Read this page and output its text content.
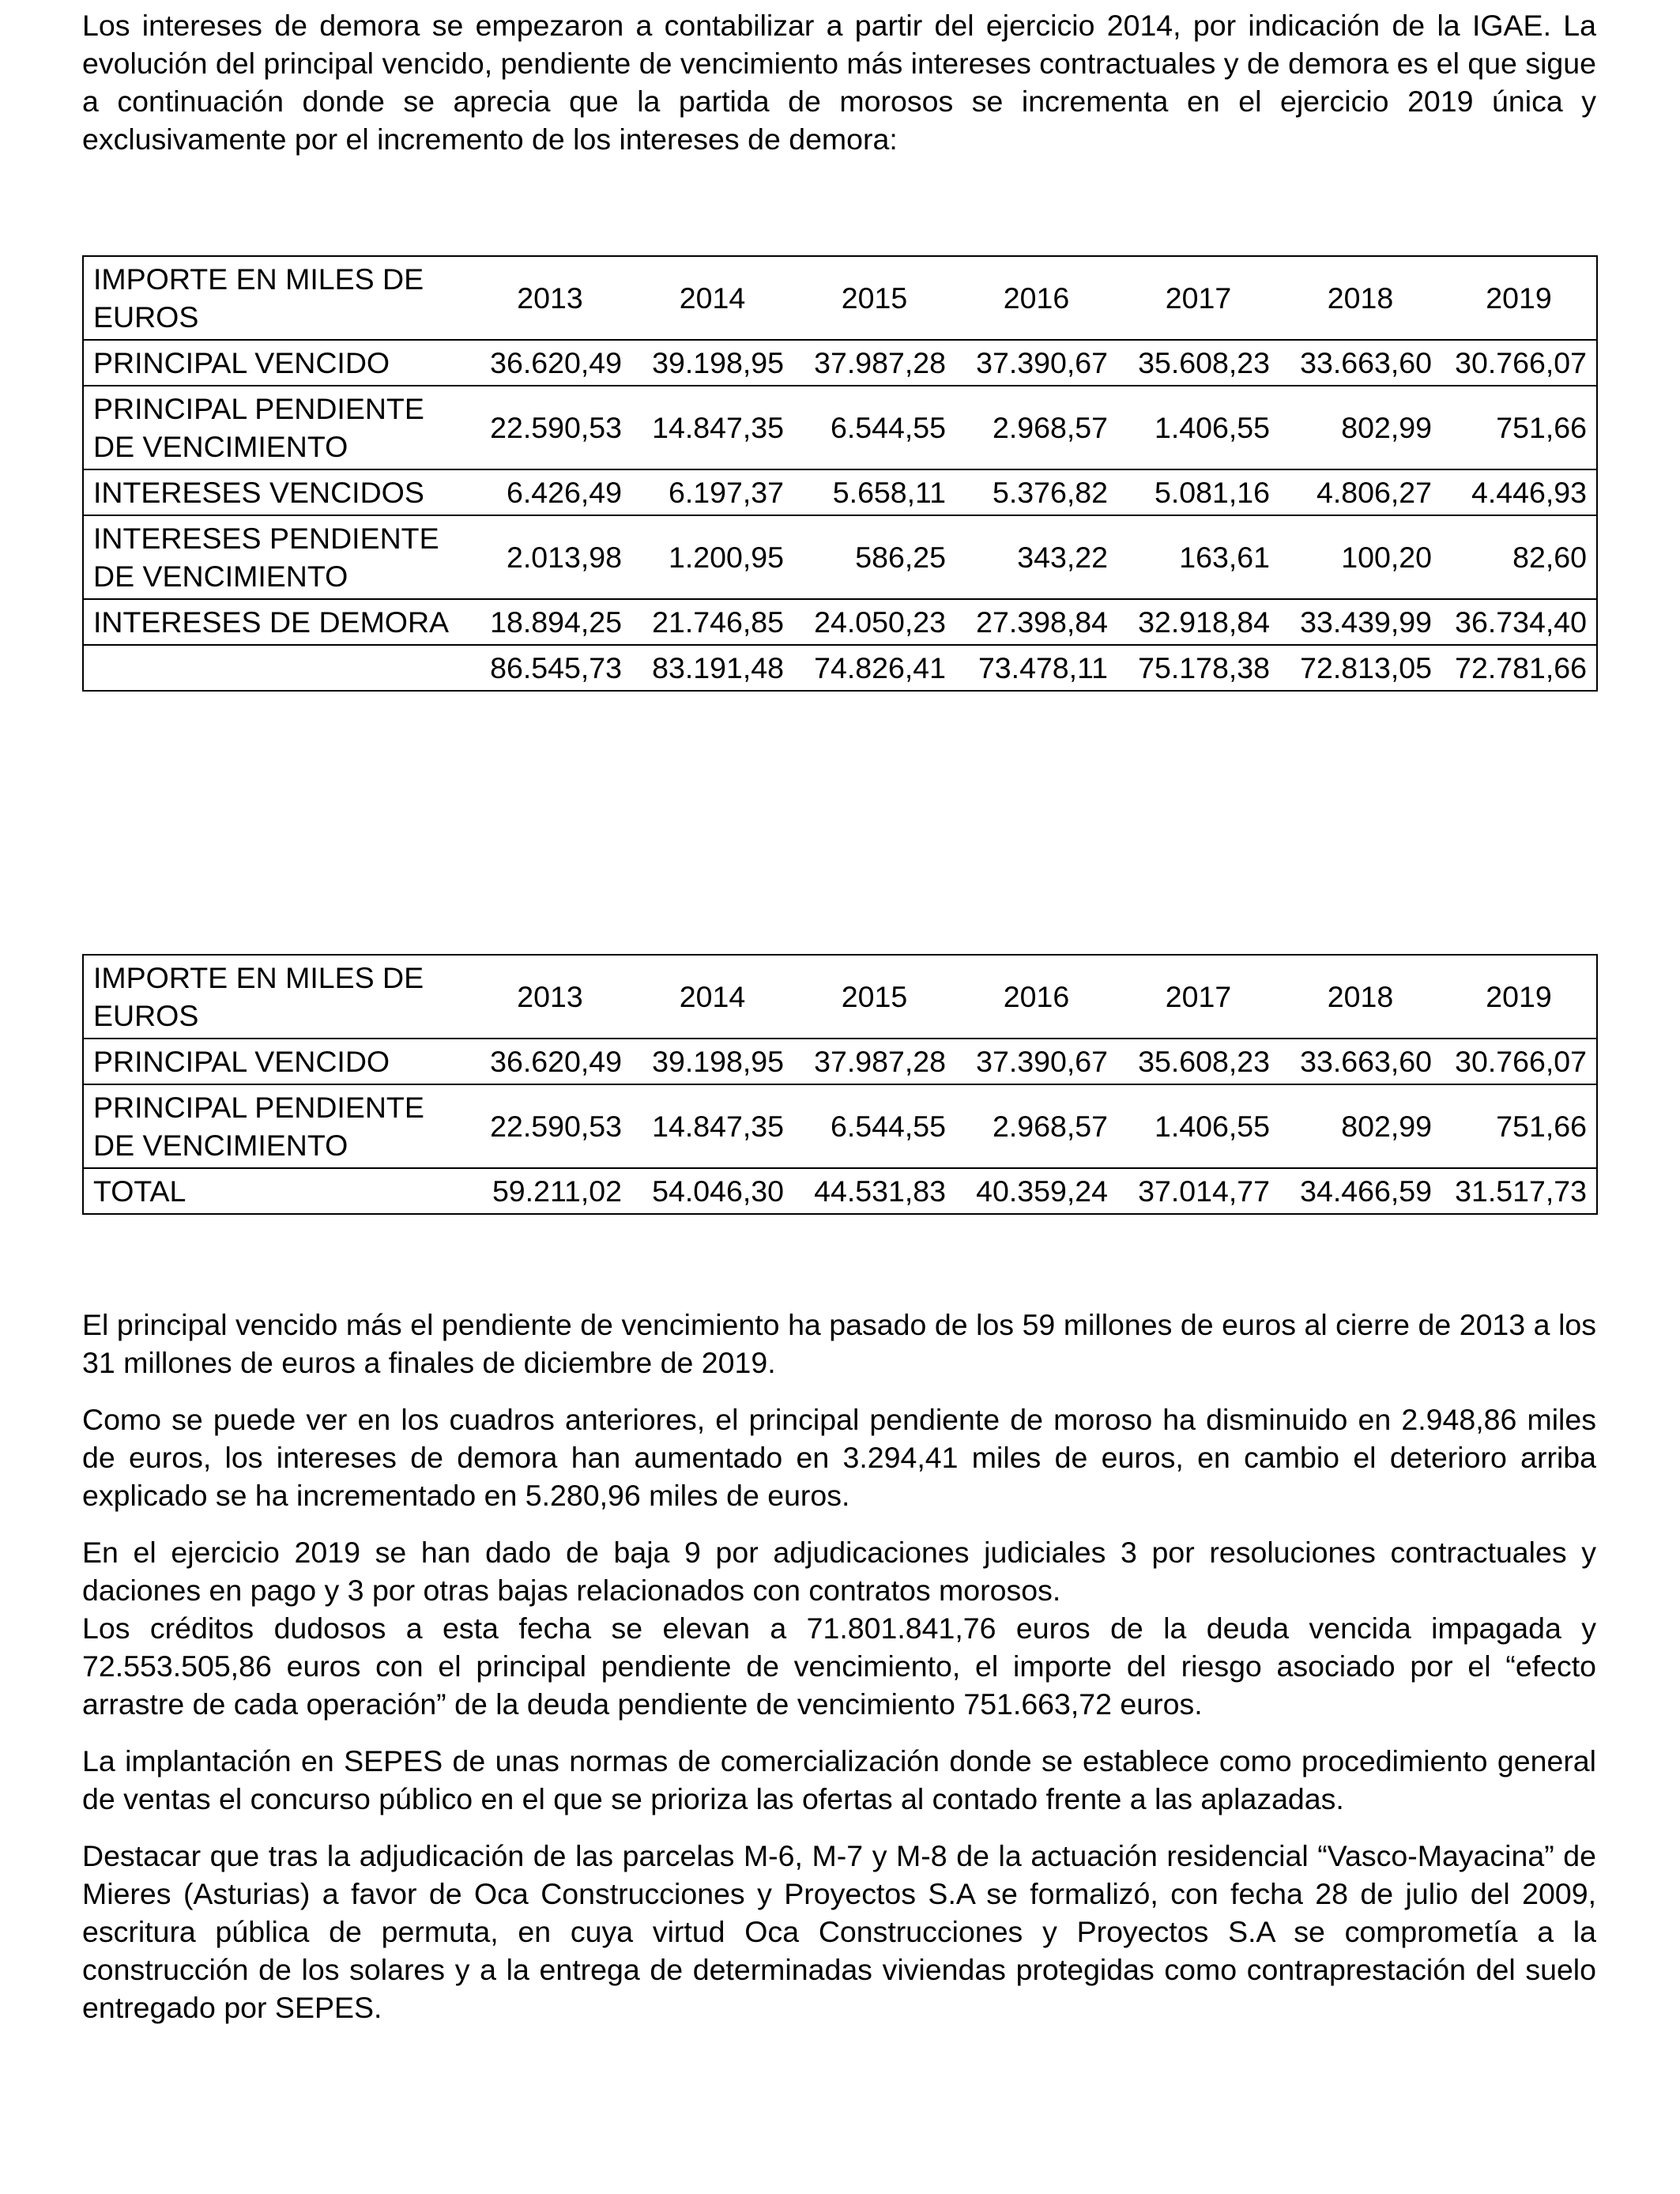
Los intereses de demora se empezaron a contabilizar a partir del ejercicio 2014, por indicación de la IGAE. La evolución del principal vencido, pendiente de vencimiento más intereses contractuales y de demora es el que sigue a continuación donde se aprecia que la partida de morosos se incrementa en el ejercicio 2019 única y exclusivamente por el incremento de los intereses de demora:

IMPORTE EN MILES DE EUROS	2013	2014	2015	2016	2017	2018	2019
PRINCIPAL VENCIDO	36.620,49	39.198,95	37.987,28	37.390,67	35.608,23	33.663,60	30.766,07
PRINCIPAL PENDIENTE DE VENCIMIENTO	22.590,53	14.847,35	6.544,55	2.968,57	1.406,55	802,99	751,66
INTERESES VENCIDOS	6.426,49	6.197,37	5.658,11	5.376,82	5.081,16	4.806,27	4.446,93
INTERESES PENDIENTE DE VENCIMIENTO	2.013,98	1.200,95	586,25	343,22	163,61	100,20	82,60
INTERESES DE DEMORA	18.894,25	21.746,85	24.050,23	27.398,84	32.918,84	33.439,99	36.734,40
	86.545,73	83.191,48	74.826,41	73.478,11	75.178,38	72.813,05	72.781,66
IMPORTE EN MILES DE EUROS	2013	2014	2015	2016	2017	2018	2019
PRINCIPAL VENCIDO	36.620,49	39.198,95	37.987,28	37.390,67	35.608,23	33.663,60	30.766,07
PRINCIPAL PENDIENTE DE VENCIMIENTO	22.590,53	14.847,35	6.544,55	2.968,57	1.406,55	802,99	751,66
TOTAL	59.211,02	54.046,30	44.531,83	40.359,24	37.014,77	34.466,59	31.517,73

El principal vencido más el pendiente de vencimiento ha pasado de los 59 millones de euros al cierre de 2013 a los 31 millones de euros a finales de diciembre de 2019.

Como se puede ver en los cuadros anteriores, el principal pendiente de moroso ha disminuido en 2.948,86 miles de euros, los intereses de demora han aumentado en 3.294,41 miles de euros, en cambio el deterioro arriba explicado se ha incrementado en 5.280,96 miles de euros.

En el ejercicio 2019 se han dado de baja 9 por adjudicaciones judiciales 3 por resoluciones contractuales y daciones en pago y 3 por otras bajas relacionados con contratos morosos.

Los créditos dudosos a esta fecha se elevan a 71.801.841,76 euros de la deuda vencida impagada y 72.553.505,86 euros con el principal pendiente de vencimiento, el importe del riesgo asociado por el “efecto arrastre de cada operación” de la deuda pendiente de vencimiento 751.663,72 euros.

La implantación en SEPES de unas normas de comercialización donde se establece como procedimiento general de ventas el concurso público en el que se prioriza las ofertas al contado frente a las aplazadas.

Destacar que tras la adjudicación de las parcelas M-6, M-7 y M-8 de la actuación residencial “Vasco-Mayacina” de Mieres (Asturias) a favor de Oca Construcciones y Proyectos S.A se formalizó, con fecha 28 de julio del 2009, escritura pública de permuta, en cuya virtud Oca Construcciones y Proyectos S.A se comprometía a la construcción de los solares y a la entrega de determinadas viviendas protegidas como contraprestación del suelo entregado por SEPES.
